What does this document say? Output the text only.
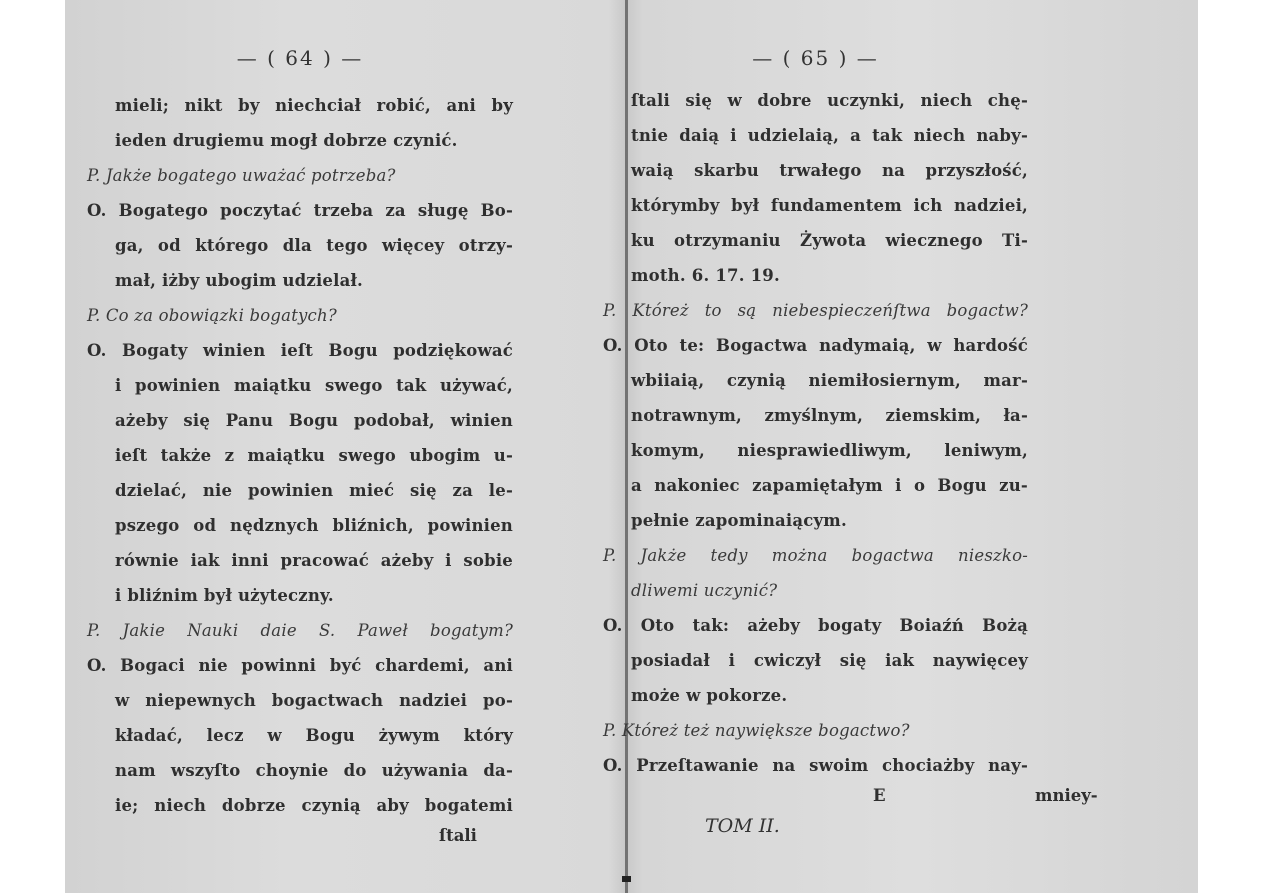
— ( 64 ) —
mieli; nikt by niechciał robić, ani by
ieden drugiemu mogł dobrze czynić.
P. Jakże bogatego uważać potrzeba?
O. Bogatego poczytać trzeba za sługę Bo-
ga, od którego dla tego więcey otrzy-
mał, iżby ubogim udzielał.
P. Co za obowiązki bogatych?
O. Bogaty winien ieſt Bogu podziękować
i powinien maiątku swego tak używać,
ażeby się Panu Bogu podobał, winien
ieſt także z maiątku swego ubogim u-
dzielać, nie powinien mieć się za le-
pszego od nędznych bliźnich, powinien
równie iak inni pracować ażeby i sobie
i bliźnim był użyteczny.
P. Jakie Nauki daie S. Paweł bogatym?
O. Bogaci nie powinni być chardemi, ani
w niepewnych bogactwach nadziei po-
kładać, lecz w Bogu żywym który
nam wszyſto choynie do używania da-
ie; niech dobrze czynią aby bogatemi
ſtali
— ( 65 ) —
ſtali się w dobre uczynki, niech chę-
tnie daią i udzielaią, a tak niech naby-
waią skarbu trwałego na przyszłość,
którymby był fundamentem ich nadziei,
ku otrzymaniu Żywota wiecznego Ti-
moth. 6. 17. 19.
P. Któreż to są niebespieczeńſtwa bogactw?
O. Oto te: Bogactwa nadymaią, w hardość
wbiiaią, czynią niemiłosiernym, mar-
notrawnym, zmyślnym, ziemskim, ła-
komym, niesprawiedliwym, leniwym,
a nakoniec zapamiętałym i o Bogu zu-
pełnie zapominaiącym.
P. Jakże tedy można bogactwa nieszko-
dliwemi uczynić?
O. Oto tak: ażeby bogaty Boiaźń Bożą
posiadał i cwiczył się iak naywięcey
może w pokorze.
P. Któreż też naywiększe bogactwo?
O. Przeſtawanie na swoim chociażby nay-
E	mniey-
TOM II.
